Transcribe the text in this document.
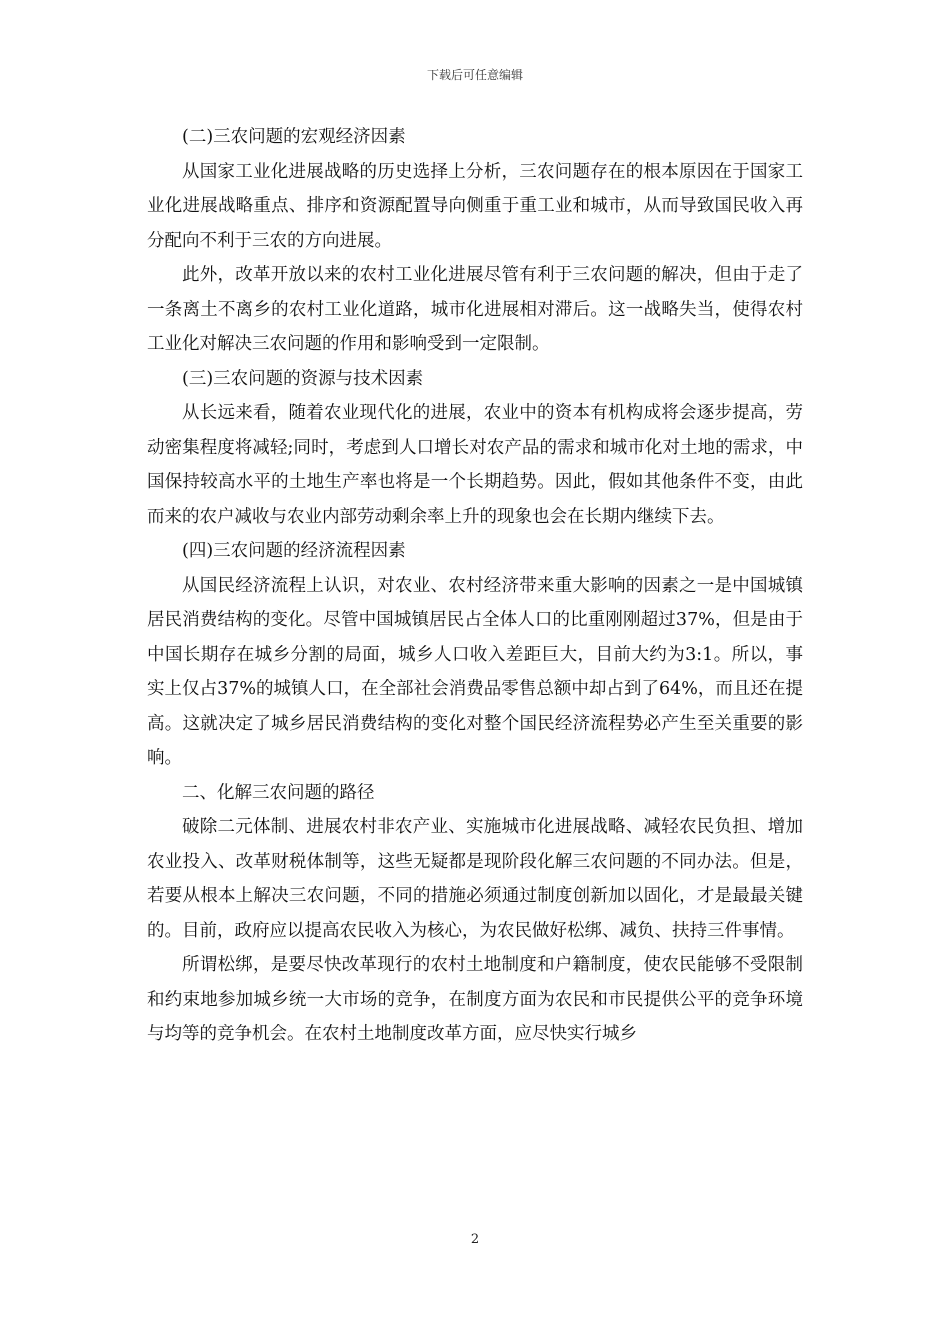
下载后可任意编辑

(二)三农问题的宏观经济因素

从国家工业化进展战略的历史选择上分析，三农问题存在的根本原因在于国家工业化进展战略重点、排序和资源配置导向侧重于重工业和城市，从而导致国民收入再分配向不利于三农的方向进展。

此外，改革开放以来的农村工业化进展尽管有利于三农问题的解决，但由于走了一条离土不离乡的农村工业化道路，城市化进展相对滞后。这一战略失当，使得农村工业化对解决三农问题的作用和影响受到一定限制。

(三)三农问题的资源与技术因素

从长远来看，随着农业现代化的进展，农业中的资本有机构成将会逐步提高，劳动密集程度将减轻;同时，考虑到人口增长对农产品的需求和城市化对土地的需求，中国保持较高水平的土地生产率也将是一个长期趋势。因此，假如其他条件不变，由此而来的农户减收与农业内部劳动剩余率上升的现象也会在长期内继续下去。

(四)三农问题的经济流程因素

从国民经济流程上认识，对农业、农村经济带来重大影响的因素之一是中国城镇居民消费结构的变化。尽管中国城镇居民占全体人口的比重刚刚超过37%，但是由于中国长期存在城乡分割的局面，城乡人口收入差距巨大，目前大约为3:1。所以，事实上仅占37%的城镇人口，在全部社会消费品零售总额中却占到了64%，而且还在提高。这就决定了城乡居民消费结构的变化对整个国民经济流程势必产生至关重要的影响。

二、化解三农问题的路径

破除二元体制、进展农村非农产业、实施城市化进展战略、减轻农民负担、增加农业投入、改革财税体制等，这些无疑都是现阶段化解三农问题的不同办法。但是，若要从根本上解决三农问题，不同的措施必须通过制度创新加以固化，才是最最关键的。目前，政府应以提高农民收入为核心，为农民做好松绑、减负、扶持三件事情。

所谓松绑，是要尽快改革现行的农村土地制度和户籍制度，使农民能够不受限制和约束地参加城乡统一大市场的竞争，在制度方面为农民和市民提供公平的竞争环境与均等的竞争机会。在农村土地制度改革方面，应尽快实行城乡

2
